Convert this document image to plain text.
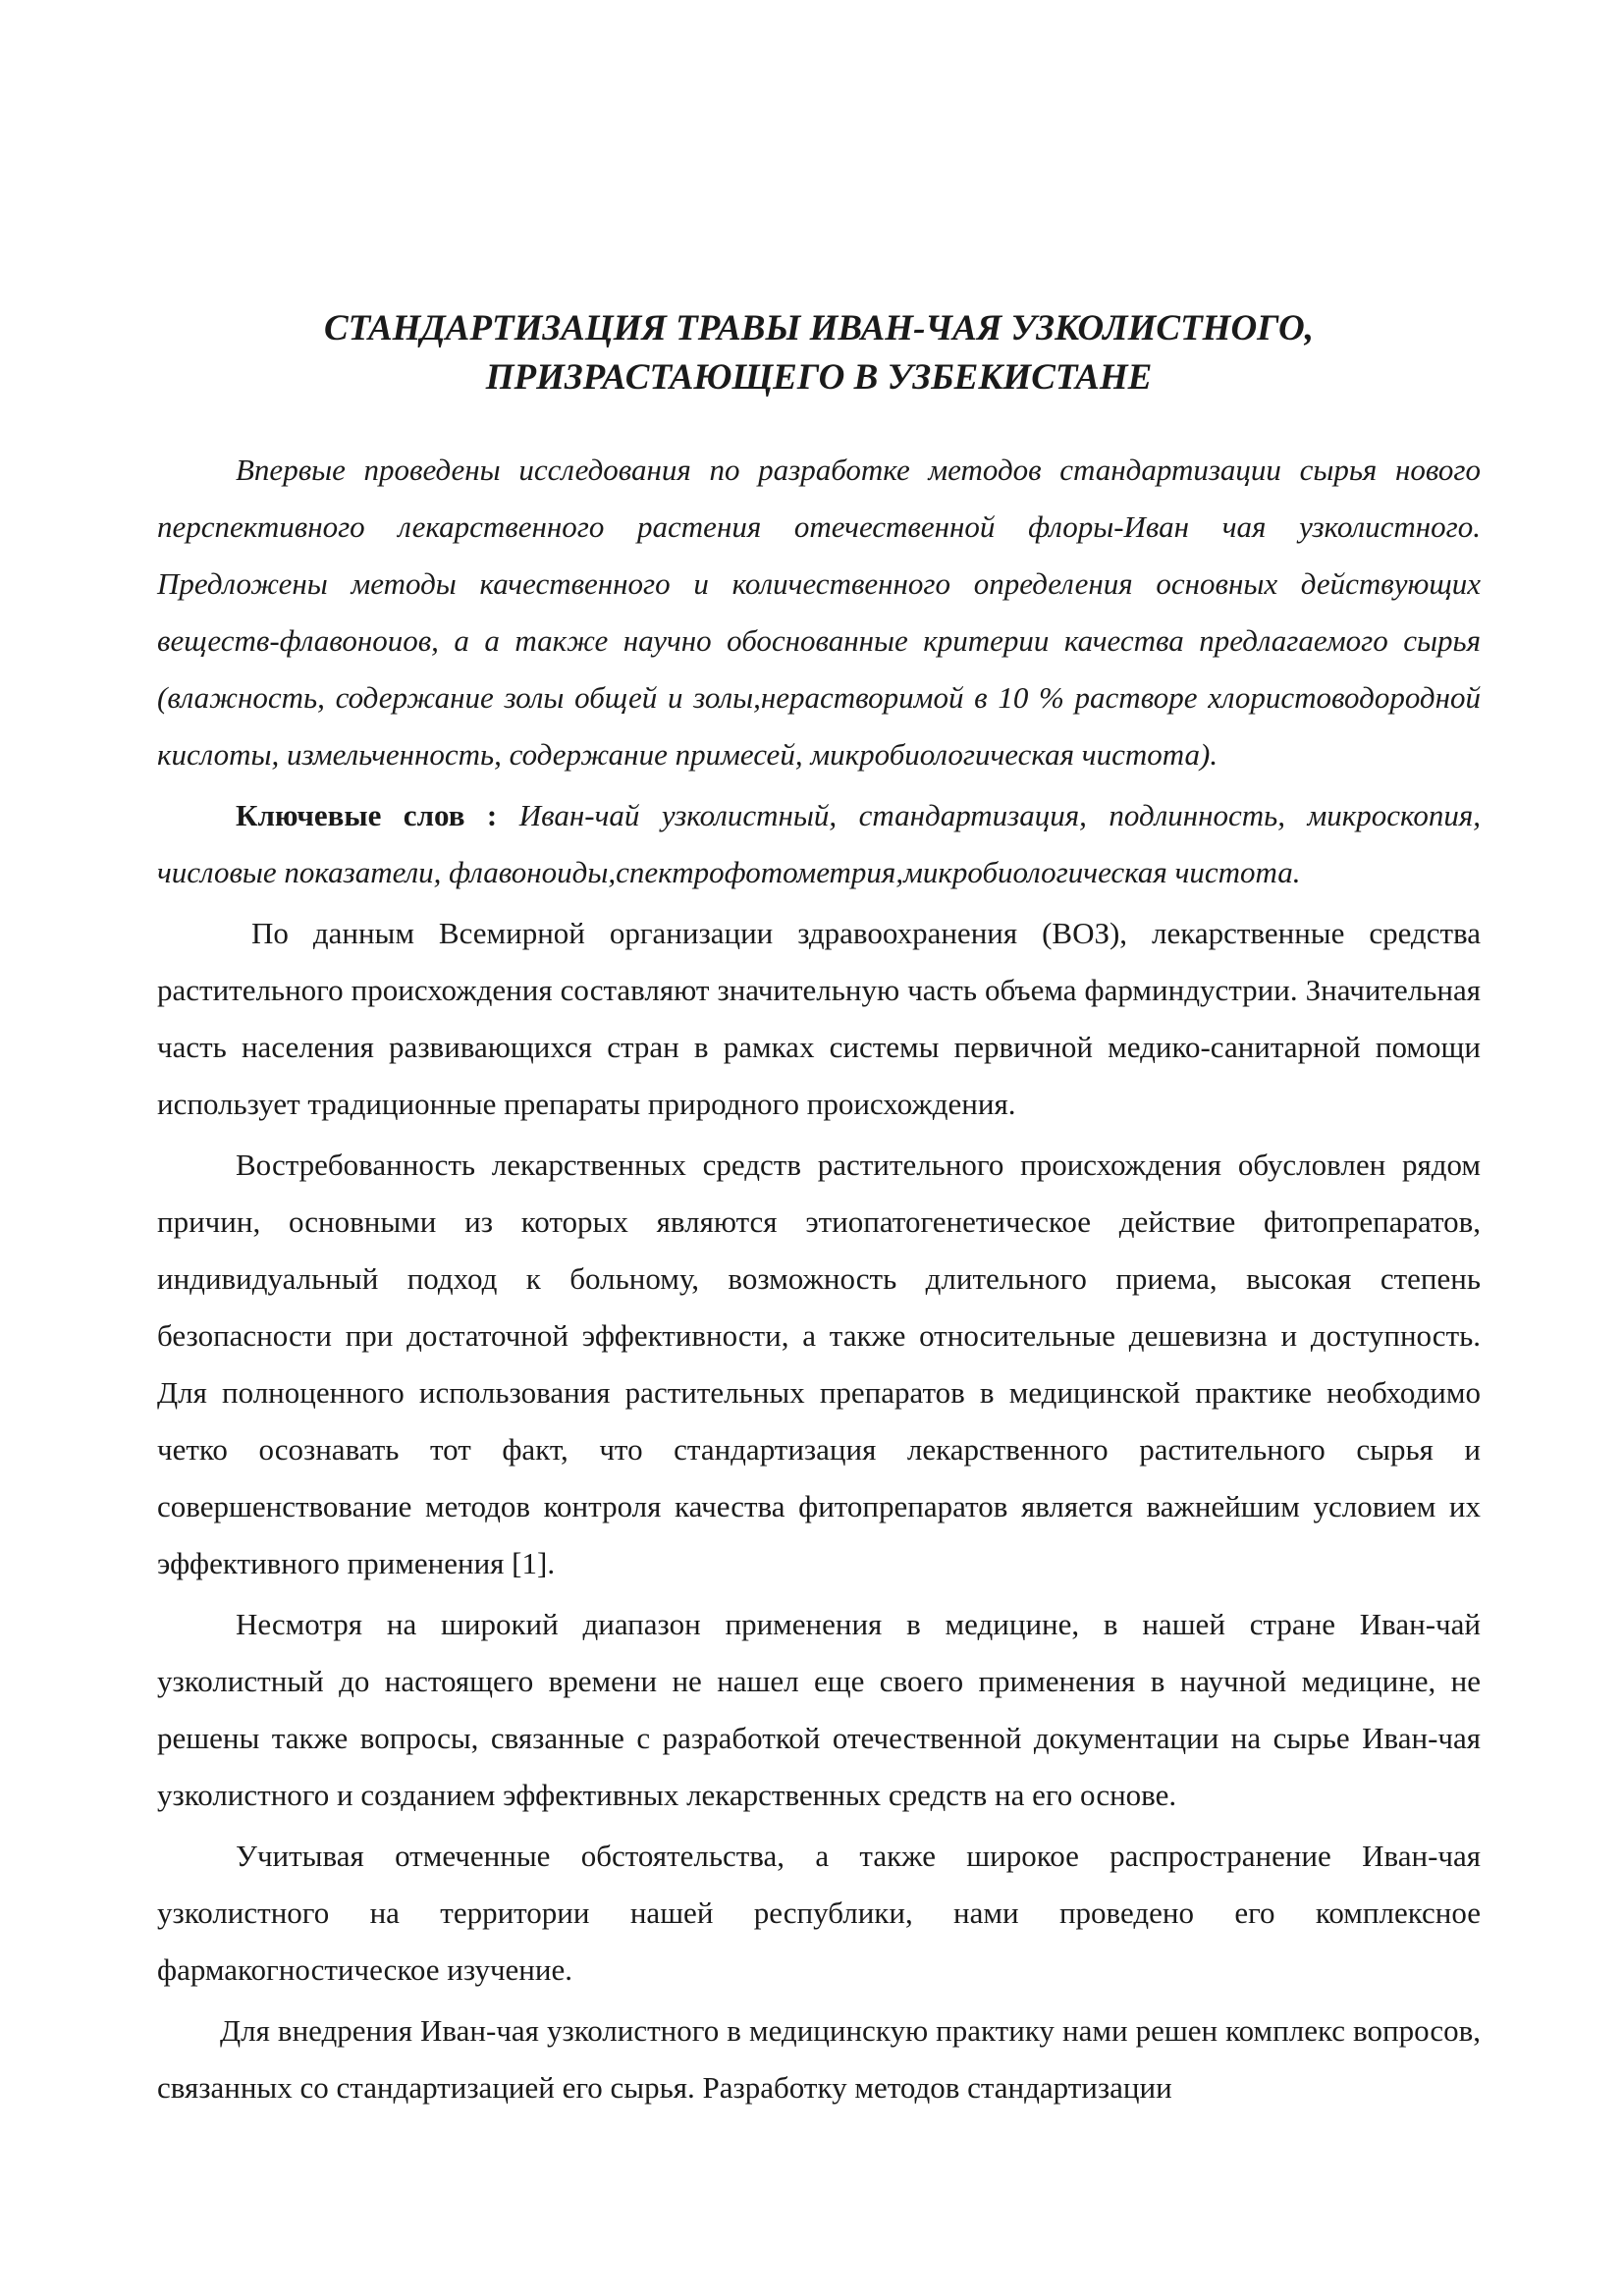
СТАНДАРТИЗАЦИЯ ТРАВЫ ИВАН-ЧАЯ УЗКОЛИСТНОГО,
ПРИЗРАСТАЮЩЕГО В УЗБЕКИСТАНЕ

Впервые проведены исследования по разработке методов стандартизации сырья нового перспективного лекарственного растения отечественной флоры-Иван чая узколистного. Предложены методы качественного и количественного определения основных действующих веществ-флавоноиов, а а также научно обоснованные критерии качества предлагаемого сырья (влажность, содержание золы общей и золы,нерастворимой в 10 % растворе хлористоводородной кислоты, измельченность, содержание примесей, микробиологическая чистота).

Ключевые слов : Иван-чай узколистный, стандартизация, подлинность, микроскопия, числовые показатели, флавоноиды,спектрофотометрия,микробиологическая чистота.

По данным Всемирной организации здравоохранения (ВОЗ), лекарственные средства растительного происхождения составляют значительную часть объема фарминдустрии. Значительная часть населения развивающихся стран в рамках системы первичной медико-санитарной помощи использует традиционные препараты природного происхождения.

Востребованность лекарственных средств растительного происхождения обусловлен рядом причин, основными из которых являются этиопатогенетическое действие фитопрепаратов, индивидуальный подход к больному, возможность длительного приема, высокая степень безопасности при достаточной эффективности, а также относительные дешевизна и доступность. Для полноценного использования растительных препаратов в медицинской практике необходимо четко осознавать тот факт, что стандартизация лекарственного растительного сырья и совершенствование методов контроля качества фитопрепаратов является важнейшим условием их эффективного применения [1].

Несмотря на широкий диапазон применения в медицине, в нашей стране Иван-чай узколистный до настоящего времени не нашел еще своего применения в научной медицине, не решены также вопросы, связанные с разработкой отечественной документации на сырье Иван-чая узколистного и созданием эффективных лекарственных средств на его основе.

Учитывая отмеченные обстоятельства, а также широкое распространение Иван-чая узколистного на территории нашей республики, нами проведено его комплексное фармакогностическое изучение.

Для внедрения Иван-чая узколистного в медицинскую практику нами решен комплекс вопросов, связанных со стандартизацией его сырья. Разработку методов стандартизации
